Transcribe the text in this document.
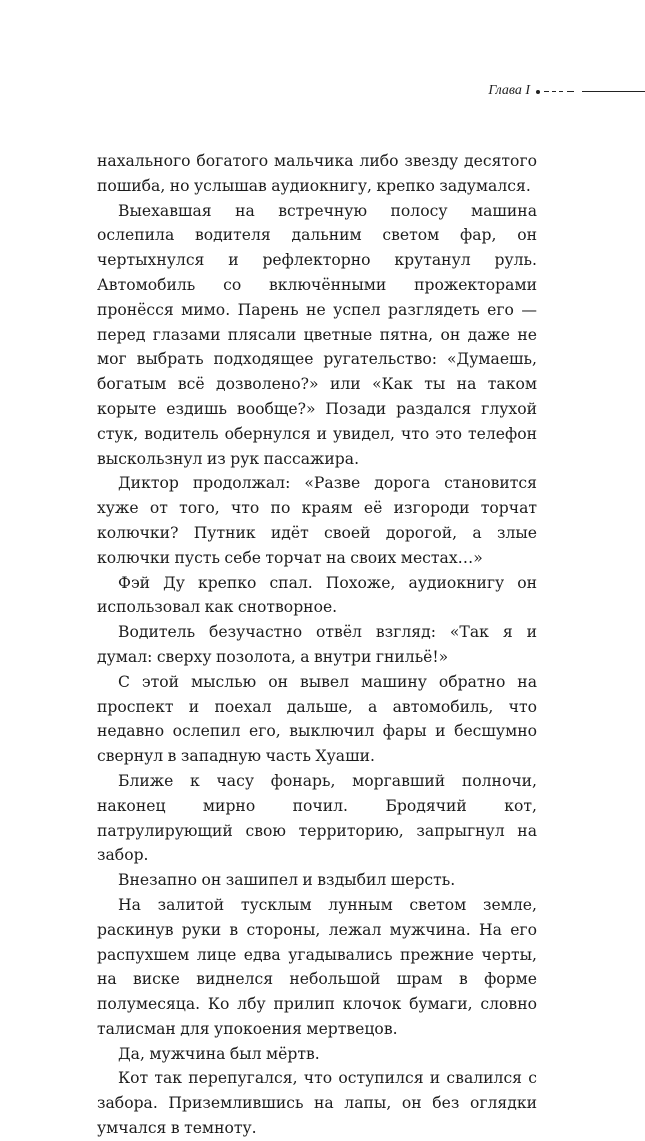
Глава I

нахального богатого мальчика либо звезду десятого пошиба, но услышав аудиокнигу, крепко задумался.

Выехавшая на встречную полосу машина ослепила водителя дальним светом фар, он чертыхнулся и рефлекторно крутанул руль. Автомобиль со включёнными прожекторами пронёсся мимо. Парень не успел разглядеть его — перед глазами плясали цветные пятна, он даже не мог выбрать подходящее ругательство: «Думаешь, богатым всё дозволено?» или «Как ты на таком корыте ездишь вообще?» Позади раздался глухой стук, водитель обернулся и увидел, что это телефон выскользнул из рук пассажира.

Диктор продолжал: «Разве дорога становится хуже от того, что по краям её изгороди торчат колючки? Путник идёт своей дорогой, а злые колючки пусть себе торчат на своих местах…»

Фэй Ду крепко спал. Похоже, аудиокнигу он использовал как снотворное.

Водитель безучастно отвёл взгляд: «Так я и думал: сверху позолота, а внутри гнильё!»

С этой мыслью он вывел машину обратно на проспект и поехал дальше, а автомобиль, что недавно ослепил его, выключил фары и бесшумно свернул в западную часть Хуаши.

Ближе к часу фонарь, моргавший полночи, наконец мирно почил. Бродячий кот, патрулирующий свою территорию, запрыгнул на забор.

Внезапно он зашипел и вздыбил шерсть.

На залитой тусклым лунным светом земле, раскинув руки в стороны, лежал мужчина. На его распухшем лице едва угадывались прежние черты, на виске виднелся небольшой шрам в форме полумесяца. Ко лбу прилип клочок бумаги, словно талисман для упокоения мертвецов.

Да, мужчина был мёртв.

Кот так перепугался, что оступился и свалился с забора. Приземлившись на лапы, он без оглядки умчался в темноту.
